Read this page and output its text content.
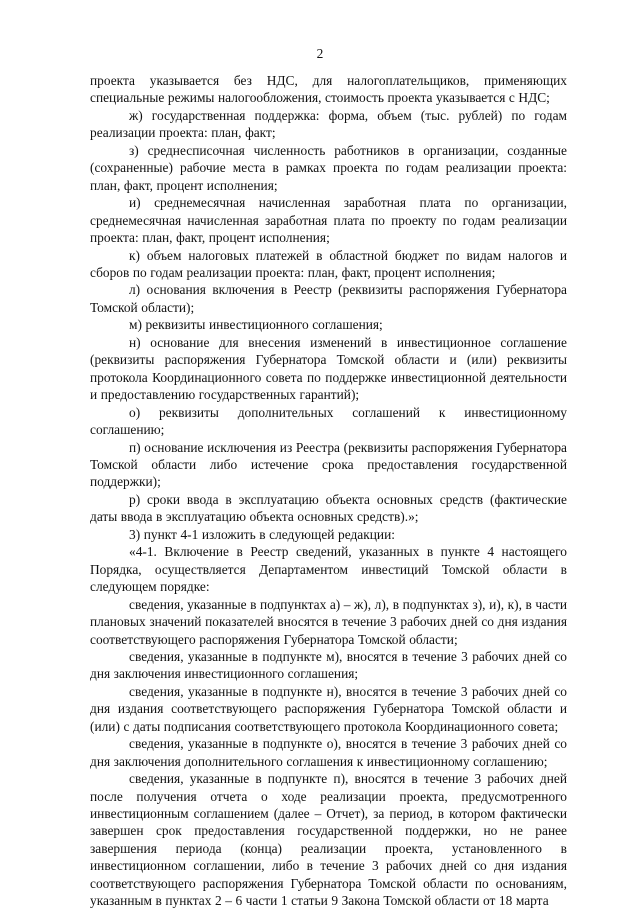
2

проекта указывается без НДС, для налогоплательщиков, применяющих специальные режимы налогообложения, стоимость проекта указывается с НДС;

ж) государственная поддержка: форма, объем (тыс. рублей) по годам реализации проекта: план, факт;

з) среднесписочная численность работников в организации, созданные (сохраненные) рабочие места в рамках проекта по годам реализации проекта: план, факт, процент исполнения;

и) среднемесячная начисленная заработная плата по организации, среднемесячная начисленная заработная плата по проекту по годам реализации проекта: план, факт, процент исполнения;

к) объем налоговых платежей в областной бюджет по видам налогов и сборов по годам реализации проекта: план, факт, процент исполнения;

л) основания включения в Реестр (реквизиты распоряжения Губернатора Томской области);

м) реквизиты инвестиционного соглашения;

н) основание для внесения изменений в инвестиционное соглашение (реквизиты распоряжения Губернатора Томской области и (или) реквизиты протокола Координационного совета по поддержке инвестиционной деятельности и предоставлению государственных гарантий);

о) реквизиты дополнительных соглашений к инвестиционному соглашению;

п) основание исключения из Реестра (реквизиты распоряжения Губернатора Томской области либо истечение срока предоставления государственной поддержки);

р) сроки ввода в эксплуатацию объекта основных средств (фактические даты ввода в эксплуатацию объекта основных средств).»;

3) пункт 4-1 изложить в следующей редакции:

«4-1. Включение в Реестр сведений, указанных в пункте 4 настоящего Порядка, осуществляется Департаментом инвестиций Томской области в следующем порядке:

сведения, указанные в подпунктах а) – ж), л), в подпунктах з), и), к), в части плановых значений показателей вносятся в течение 3 рабочих дней со дня издания соответствующего распоряжения Губернатора Томской области;

сведения, указанные в подпункте м), вносятся в течение 3 рабочих дней со дня заключения инвестиционного соглашения;

сведения, указанные в подпункте н), вносятся в течение 3 рабочих дней со дня издания соответствующего распоряжения Губернатора Томской области и (или) с даты подписания соответствующего протокола Координационного совета;

сведения, указанные в подпункте о), вносятся в течение 3 рабочих дней со дня заключения дополнительного соглашения к инвестиционному соглашению;

сведения, указанные в подпункте п), вносятся в течение 3 рабочих дней после получения отчета о ходе реализации проекта, предусмотренного инвестиционным соглашением (далее – Отчет), за период, в котором фактически завершен срок предоставления государственной поддержки, но не ранее завершения периода (конца) реализации проекта, установленного в инвестиционном соглашении, либо в течение 3 рабочих дней со дня издания соответствующего распоряжения Губернатора Томской области по основаниям, указанным в пунктах 2 – 6 части 1 статьи 9 Закона Томской области от 18 марта
